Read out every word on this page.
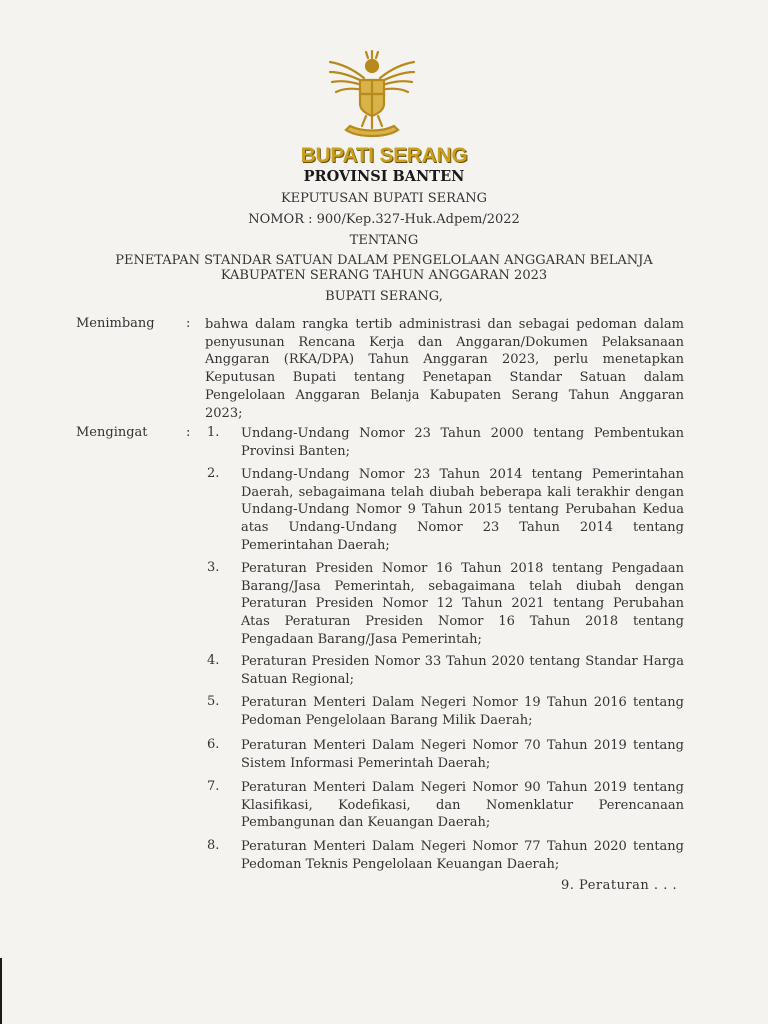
BUPATI SERANG
PROVINSI BANTEN
KEPUTUSAN BUPATI SERANG
NOMOR : 900/Kep.327-Huk.Adpem/2022
TENTANG
PENETAPAN STANDAR SATUAN DALAM PENGELOLAAN ANGGARAN BELANJA
KABUPATEN SERANG TAHUN ANGGARAN 2023
BUPATI SERANG,
Menimbang : bahwa dalam rangka tertib administrasi dan sebagai pedoman dalam penyusunan Rencana Kerja dan Anggaran/Dokumen Pelaksanaan Anggaran (RKA/DPA) Tahun Anggaran 2023, perlu menetapkan Keputusan Bupati tentang Penetapan Standar Satuan dalam Pengelolaan Anggaran Belanja Kabupaten Serang Tahun Anggaran 2023;
Mengingat	: 1. Undang-Undang Nomor 23 Tahun 2000 tentang Pembentukan Provinsi Banten;
2. Undang-Undang Nomor 23 Tahun 2014 tentang Pemerintahan Daerah, sebagaimana telah diubah beberapa kali terakhir dengan Undang-Undang Nomor 9 Tahun 2015 tentang Perubahan Kedua atas Undang-Undang Nomor 23 Tahun 2014 tentang Pemerintahan Daerah;
3. Peraturan Presiden Nomor 16 Tahun 2018 tentang Pengadaan Barang/Jasa Pemerintah, sebagaimana telah diubah dengan Peraturan Presiden Nomor 12 Tahun 2021 tentang Perubahan Atas Peraturan Presiden Nomor 16 Tahun 2018 tentang Pengadaan Barang/Jasa Pemerintah;
4. Peraturan Presiden Nomor 33 Tahun 2020 tentang Standar Harga Satuan Regional;
5. Peraturan Menteri Dalam Negeri Nomor 19 Tahun 2016 tentang Pedoman Pengelolaan Barang Milik Daerah;
6. Peraturan Menteri Dalam Negeri Nomor 70 Tahun 2019 tentang Sistem Informasi Pemerintah Daerah;
7. Peraturan Menteri Dalam Negeri Nomor 90 Tahun 2019 tentang Klasifikasi, Kodefikasi, dan Nomenklatur Perencanaan Pembangunan dan Keuangan Daerah;
8. Peraturan Menteri Dalam Negeri Nomor 77 Tahun 2020 tentang Pedoman Teknis Pengelolaan Keuangan Daerah;
9. Peraturan . . .
